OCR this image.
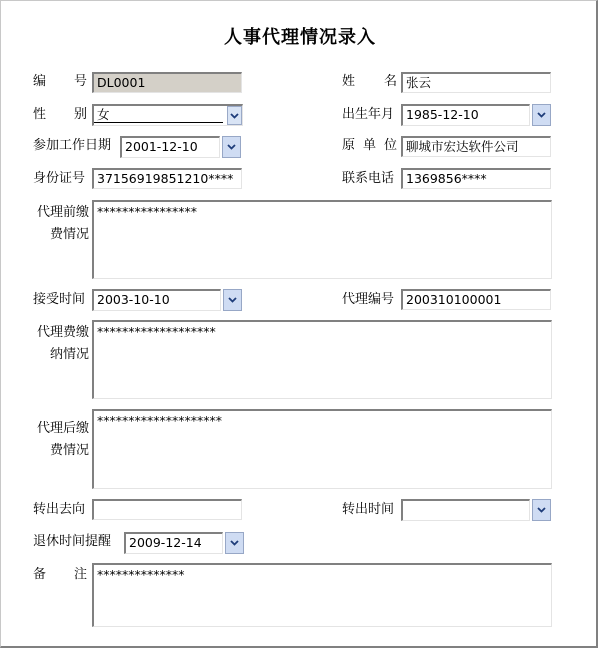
人事代理情况录入
编 号 DL0001	姓 名 张云
性 别 女	出生年月 1985-12-10
参加工作日期	2001-12-10	原 单 位 聊城市宏达软件公司
身份证号 37156919851210****	联系电话 1369856****
代理前缴
费情况
****************
接受时间 2003-10-10	代理编号 200310100001
代理费缴
纳情况
*******************
代理后缴
费情况
********************
转出去向	转出时间
退休时间提醒	2009-12-14
备 注 **************
